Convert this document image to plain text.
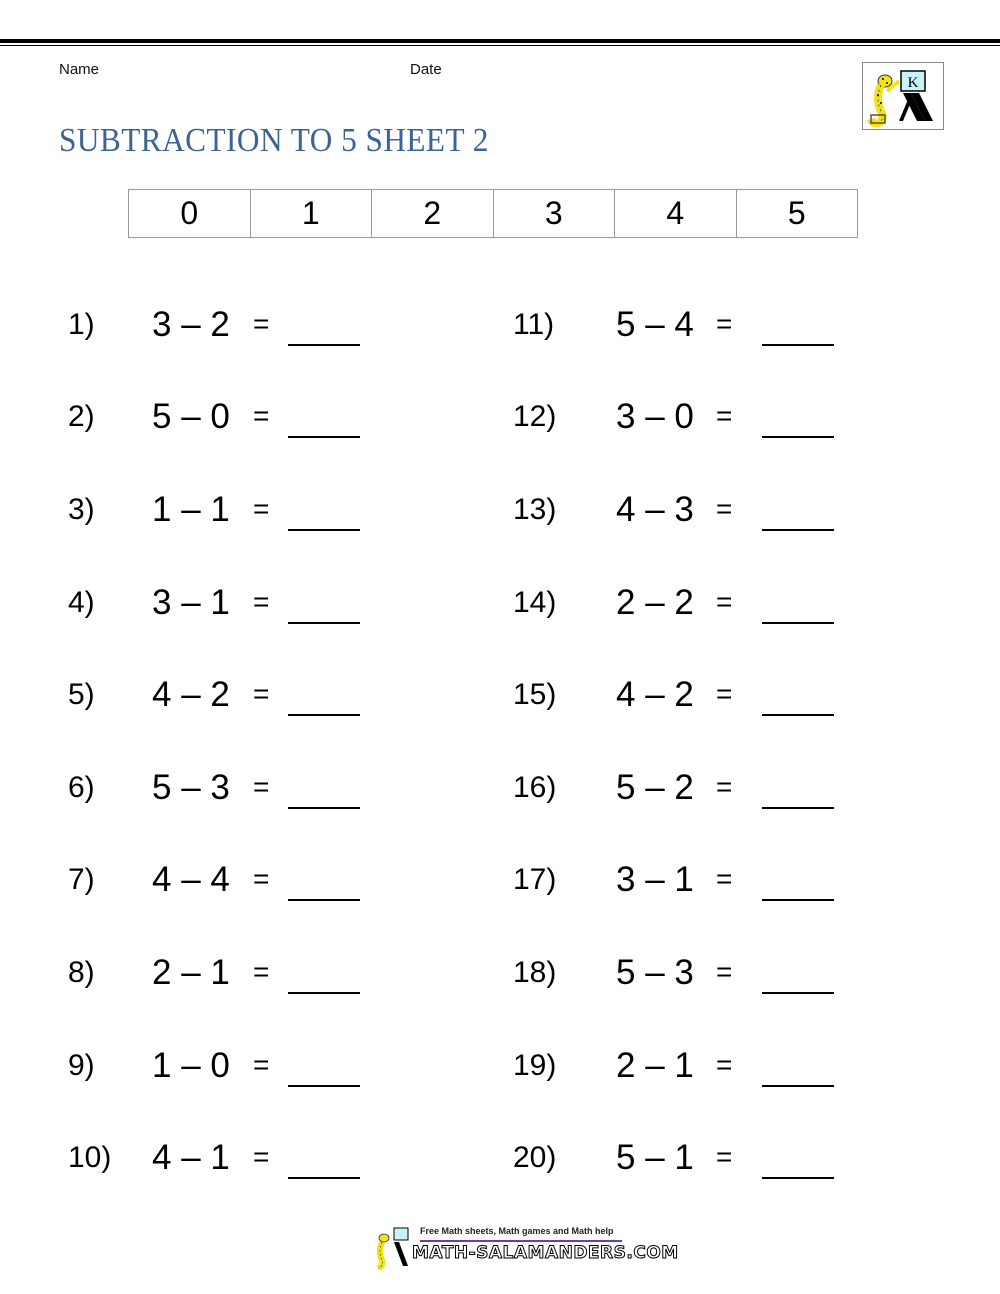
Name	Date
SUBTRACTION TO 5 SHEET 2
K
0	1	2	3	4	5
1) 3 – 2 =
2) 5 – 0 =
3) 1 – 1 =
4) 3 – 1 =
5) 4 – 2 =
6) 5 – 3 =
7) 4 – 4 =
8) 2 – 1 =
9) 1 – 0 =
10) 4 – 1 =
11) 5 – 4 =
12) 3 – 0 =
13) 4 – 3 =
14) 2 – 2 =
15) 4 – 2 =
16) 5 – 2 =
17) 3 – 1 =
18) 5 – 3 =
19) 2 – 1 =
20) 5 – 1 =
Free Math sheets, Math games and Math help
MATH-SALAMANDERS.COM
